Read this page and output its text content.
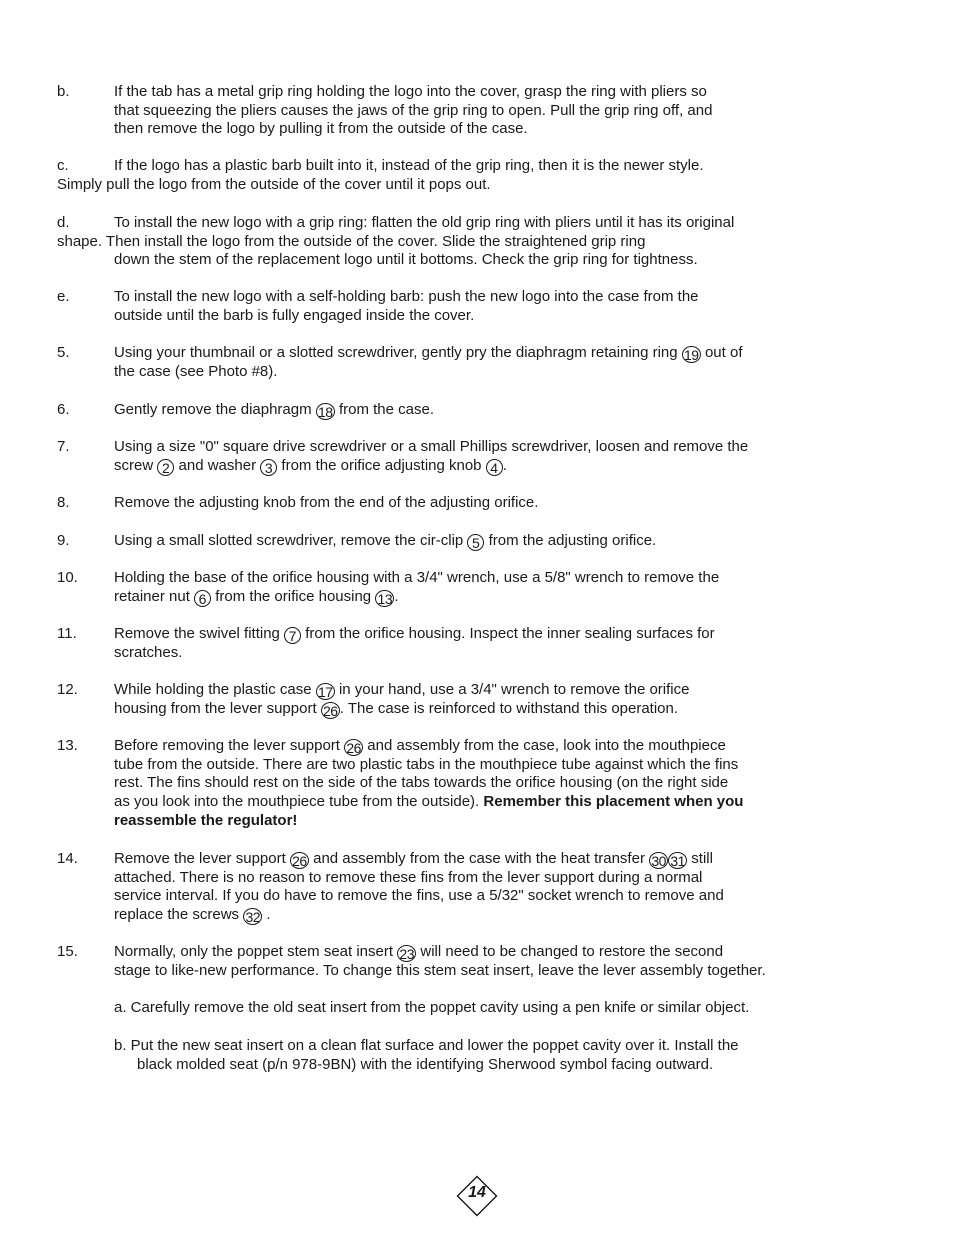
b.	If the tab has a metal grip ring holding the logo into the cover, grasp the ring with pliers so
that squeezing the pliers causes the jaws of the grip ring to open. Pull the grip ring off, and
then remove the logo by pulling it from the outside of the case.
c.	If the logo has a plastic barb built into it, instead of the grip ring, then it is the newer style.
Simply pull the logo from the outside of the cover until it pops out.
d.	To install the new logo with a grip ring: flatten the old grip ring with pliers until it has its original
shape. Then install the logo from the outside of the cover. Slide the straightened grip ring
down the stem of the replacement logo until it bottoms. Check the grip ring for tightness.
e.	To install the new logo with a self-holding barb: push the new logo into the case from the
outside until the barb is fully engaged inside the cover.
5.	Using your thumbnail or a slotted screwdriver, gently pry the diaphragm retaining ring 19 out of
the case (see Photo #8).
6.	Gently remove the diaphragm 18 from the case.
7.	Using a size "0" square drive screwdriver or a small Phillips screwdriver, loosen and remove the
screw 2 and washer 3 from the orifice adjusting knob 4 .
8.	Remove the adjusting knob from the end of the adjusting orifice.
9.	Using a small slotted screwdriver, remove the cir-clip 5 from the adjusting orifice.
10. Holding the base of the orifice housing with a 3/4" wrench, use a 5/8" wrench to remove the
retainer nut 6 from the orifice housing 13 .
11. Remove the swivel fitting 7 from the orifice housing. Inspect the inner sealing surfaces for
scratches.
12. While holding the plastic case 17 in your hand, use a 3/4" wrench to remove the orifice
housing from the lever support 26 . The case is reinforced to withstand this operation.
13. Before removing the lever support 26 and assembly from the case, look into the mouthpiece
tube from the outside. There are two plastic tabs in the mouthpiece tube against which the fins
rest. The fins should rest on the side of the tabs towards the orifice housing (on the right side
as you look into the mouthpiece tube from the outside). Remember this placement when you
reassemble the regulator!
14. Remove the lever support 26 and assembly from the case with the heat transfer 30 31 still
attached. There is no reason to remove these fins from the lever support during a normal
service interval. If you do have to remove the fins, use a 5/32" socket wrench to remove and
replace the screws 32 .
15. Normally, only the poppet stem seat insert 23 will need to be changed to restore the second
stage to like-new performance. To change this stem seat insert, leave the lever assembly together.
a. Carefully remove the old seat insert from the poppet cavity using a pen knife or similar object.
b. Put the new seat insert on a clean flat surface and lower the poppet cavity over it. Install the
black molded seat (p/n 978-9BN) with the identifying Sherwood symbol facing outward.
14
